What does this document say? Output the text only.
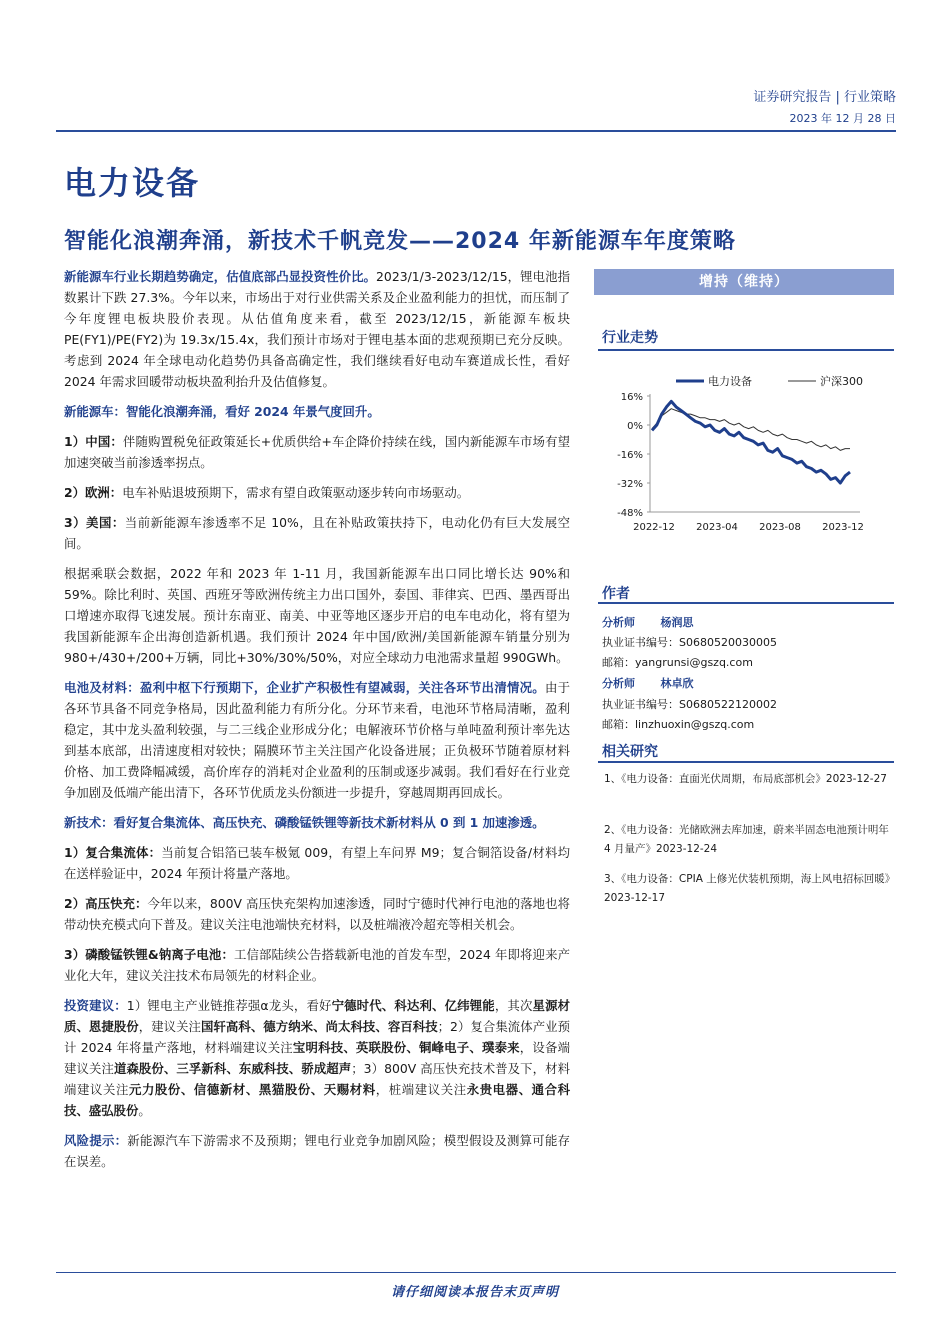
证券研究报告 | 行业策略
2023 年 12 月 28 日
电力设备
智能化浪潮奔涌，新技术千帆竞发——2024 年新能源车年度策略

新能源车行业长期趋势确定，估值底部凸显投资性价比。2023/1/3-2023/12/15，锂电池指数累计下跌 27.3%。今年以来，市场出于对行业供需关系及企业盈利能力的担忧，而压制了今年度锂电板块股价表现。从估值角度来看，截至 2023/12/15，新能源车板块 PE(FY1)/PE(FY2)为 19.3x/15.4x，我们预计市场对于锂电基本面的悲观预期已充分反映。考虑到 2024 年全球电动化趋势仍具备高确定性，我们继续看好电动车赛道成长性，看好 2024 年需求回暖带动板块盈利抬升及估值修复。

新能源车：智能化浪潮奔涌，看好 2024 年景气度回升。

1）中国：伴随购置税免征政策延长+优质供给+车企降价持续在线，国内新能源车市场有望加速突破当前渗透率拐点。

2）欧洲：电车补贴退坡预期下，需求有望自政策驱动逐步转向市场驱动。

3）美国：当前新能源车渗透率不足 10%，且在补贴政策扶持下，电动化仍有巨大发展空间。

根据乘联会数据，2022 年和 2023 年 1-11 月，我国新能源车出口同比增长达 90%和 59%。除比利时、英国、西班牙等欧洲传统主力出口国外，泰国、菲律宾、巴西、墨西哥出口增速亦取得飞速发展。预计东南亚、南美、中亚等地区逐步开启的电车电动化，将有望为我国新能源车企出海创造新机遇。我们预计 2024 年中国/欧洲/美国新能源车销量分别为 980+/430+/200+万辆，同比+30%/30%/50%，对应全球动力电池需求量超 990GWh。

电池及材料：盈利中枢下行预期下，企业扩产积极性有望减弱，关注各环节出清情况。由于各环节具备不同竞争格局，因此盈利能力有所分化。分环节来看，电池环节格局清晰，盈利稳定，其中龙头盈利较强，与二三线企业形成分化；电解液环节价格与单吨盈利预计率先达到基本底部，出清速度相对较快；隔膜环节主关注国产化设备进展；正负极环节随着原材料价格、加工费降幅减缓，高价库存的消耗对企业盈利的压制或逐步减弱。我们看好在行业竞争加剧及低端产能出清下，各环节优质龙头份额进一步提升，穿越周期再回成长。

新技术：看好复合集流体、高压快充、磷酸锰铁锂等新技术新材料从 0 到 1 加速渗透。

1）复合集流体：当前复合铝箔已装车极氪 009，有望上车问界 M9；复合铜箔设备/材料均在送样验证中，2024 年预计将量产落地。

2）高压快充：今年以来，800V 高压快充架构加速渗透，同时宁德时代神行电池的落地也将带动快充模式向下普及。建议关注电池端快充材料，以及桩端液冷超充等相关机会。

3）磷酸锰铁锂&钠离子电池：工信部陆续公告搭载新电池的首发车型，2024 年即将迎来产业化大年，建议关注技术布局领先的材料企业。

投资建议：1）锂电主产业链推荐强α龙头，看好宁德时代、科达利、亿纬锂能，其次星源材质、恩捷股份，建议关注国轩高科、德方纳米、尚太科技、容百科技；2）复合集流体产业预计 2024 年将量产落地，材料端建议关注宝明科技、英联股份、铜峰电子、璞泰来，设备端建议关注道森股份、三孚新科、东威科技、骄成超声；3）800V 高压快充技术普及下，材料端建议关注元力股份、信德新材、黑猫股份、天赐材料，桩端建议关注永贵电器、通合科技、盛弘股份。

风险提示：新能源汽车下游需求不及预期；锂电行业竞争加剧风险；模型假设及测算可能存在误差。

增持（维持）
行业走势
电力设备	沪深300
16%
0%
-16%
-32%
-48%
2022-12 2023-04 2023-08 2023-12
作者
分析师 杨润思
执业证书编号：S0680520030005
邮箱：yangrunsi@gszq.com
分析师 林卓欣
执业证书编号：S0680522120002
邮箱：linzhuoxin@gszq.com
相关研究
1、《电力设备：直面光伏周期，布局底部机会》2023-12-27
2、《电力设备：光储欧洲去库加速，蔚来半固态电池预计明年 4 月量产》2023-12-24
3、《电力设备：CPIA 上修光伏装机预期，海上风电招标回暖》2023-12-17
请仔细阅读本报告末页声明
